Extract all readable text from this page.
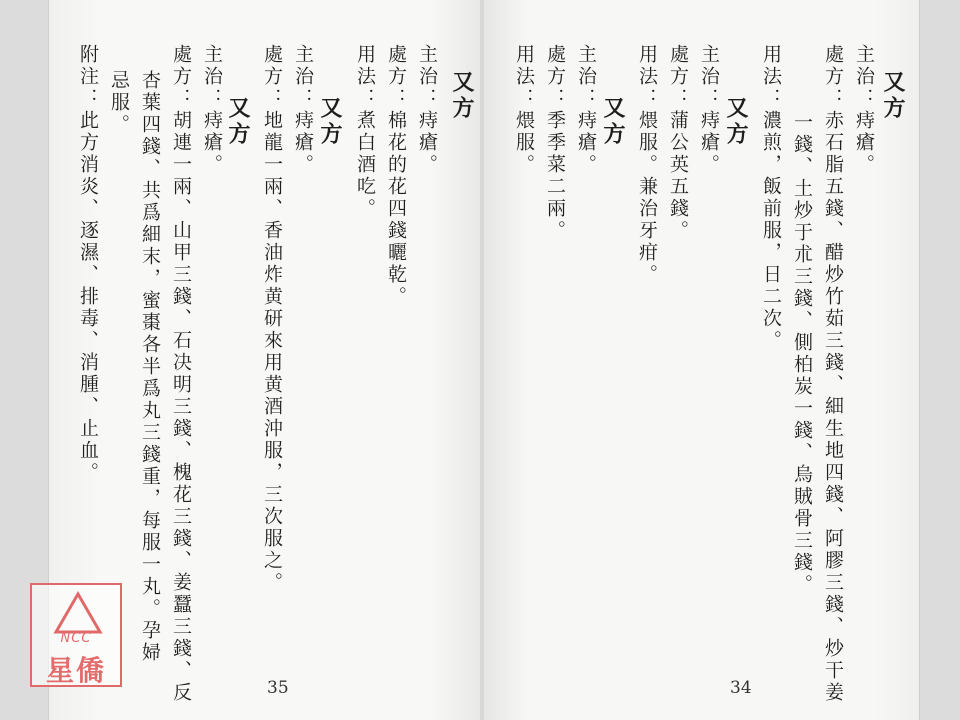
又方
主治：痔瘡。
處方：棉花的花四錢曬乾。
用法：煮白酒吃。
又方
主治：痔瘡。
處方：地龍一兩、香油炸黄研來用黄酒沖服，三次服之。
又方
主治：痔瘡。
處方：胡連一兩、山甲三錢、石决明三錢、槐花三錢、姜蠶三錢、反
杏葉四錢、共爲細末，蜜棗各半爲丸三錢重，每服一丸。孕婦
忌服。
附注：此方消炎、逐濕、排毒、消腫、止血。
35
又方
主治：痔瘡。
處方：赤石脂五錢、醋炒竹茹三錢、細生地四錢、阿膠三錢、炒干姜
一錢、土炒于朮三錢、側柏炭一錢、烏賊骨三錢。
用法：濃煎，飯前服，日二次。
又方
主治：痔瘡。
處方：蒲公英五錢。
用法：煨服。兼治牙疳。
又方
主治：痔瘡。
處方：季季菜二兩。
用法：煨服。
34
NCC
星僑
